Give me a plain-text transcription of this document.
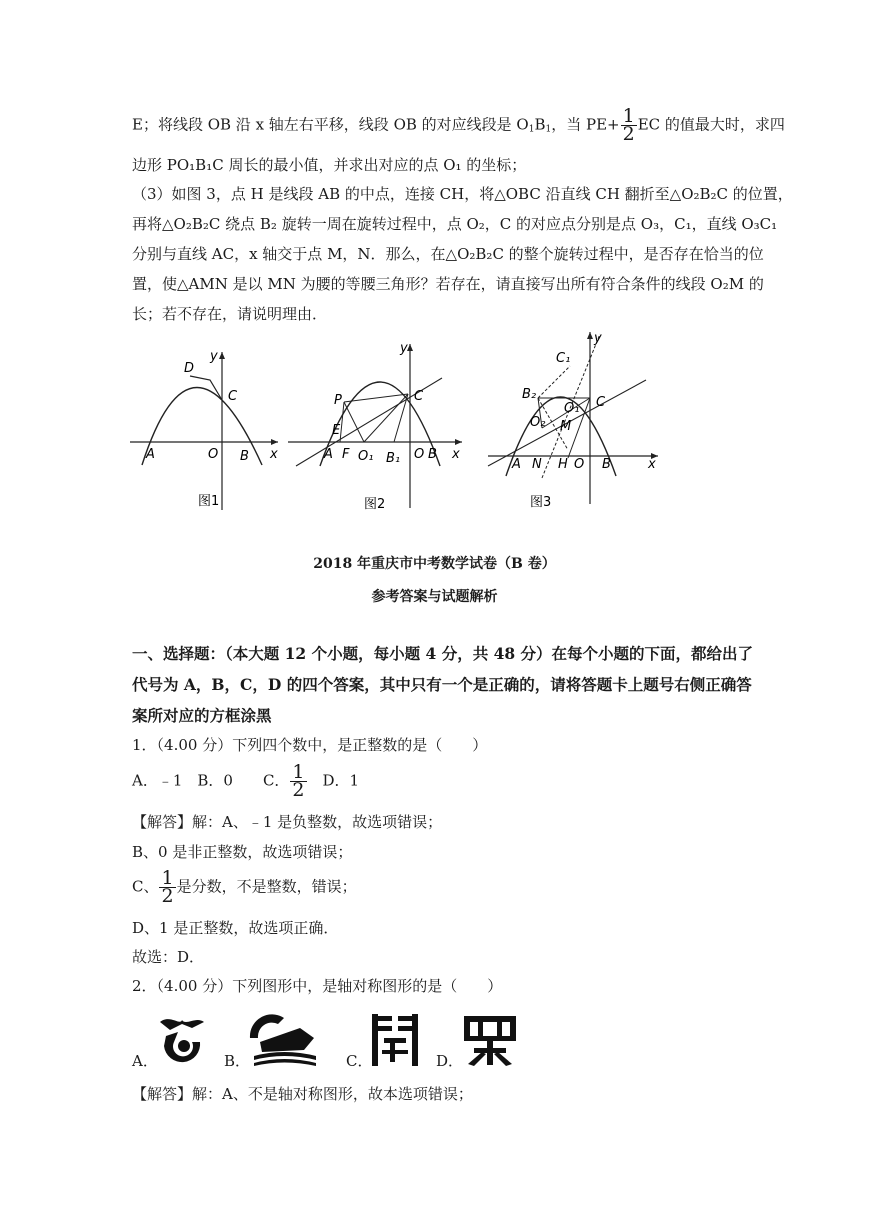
E；将线段 OB 沿 x 轴左右平移，线段 OB 的对应线段是 $O_1B_1$，当 $PE+ \frac{1}{2}$ EC 的值最大时，求四
边形 PO₁B₁C 周长的最小值，并求出对应的点 O₁ 的坐标；
（3）如图 3，点 H 是线段 AB 的中点，连接 CH，将△OBC 沿直线 CH 翻折至△O₂B₂C 的位置，
再将△O₂B₂C 绕点 B₂ 旋转一周在旋转过程中，点 O₂，C 的对应点分别是点 O₃，C₁，直线 O₃C₁
分别与直线 AC，x 轴交于点 M，N．那么，在△O₂B₂C 的整个旋转过程中，是否存在恰当的位
置，使△AMN 是以 MN 为腰的等腰三角形？若存在，请直接写出所有符合条件的线段 O₂M 的
长；若不存在，请说明理由．
y
D
C
A	O B x
图1
y
P	C
E
A F O₁ B₁ O B x
图2
y
C₁
B₂
O₁ C
O₂ M
A N H O B	x
图3
2018 年重庆市中考数学试卷（B 卷）
参考答案与试题解析
一、选择题：（本大题 12 个小题，每小题 4 分，共 48 分）在每个小题的下面，都给出了
代号为 A，B，C，D 的四个答案，其中只有一个是正确的，请将答题卡上题号右侧正确答
案所对应的方框涂黑
1．（4.00 分）下列四个数中，是正整数的是（　　）
A．﹣1　B．0　　C． $\frac{1}{2}$ 　D．1
【解答】解：A、﹣1 是负整数，故选项错误；
B、0 是非正整数，故选项错误；
C、 $\frac{1}{2}$ 是分数，不是整数，错误；
D、1 是正整数，故选项正确．
故选：D．
2．（4.00 分）下列图形中，是轴对称图形的是（　　）
A．	B．	C．	D．
【解答】解：A、不是轴对称图形，故本选项错误；
